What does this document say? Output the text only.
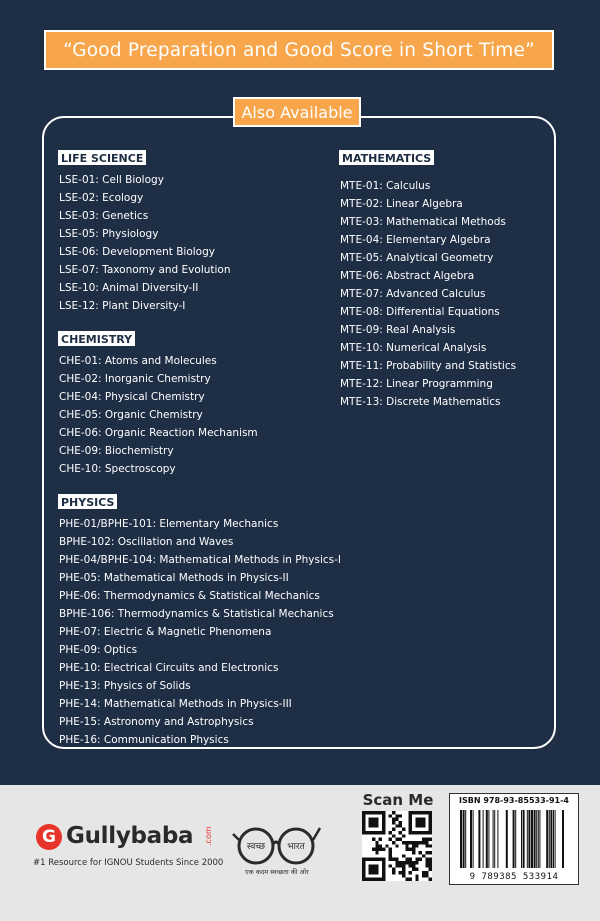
“Good Preparation and Good Score in Short Time”
Also Available
LIFE SCIENCE
LSE-01: Cell Biology
LSE-02: Ecology
LSE-03: Genetics
LSE-05: Physiology
LSE-06: Development Biology
LSE-07: Taxonomy and Evolution
LSE-10: Animal Diversity-II
LSE-12: Plant Diversity-I
CHEMISTRY
CHE-01: Atoms and Molecules
CHE-02: Inorganic Chemistry
CHE-04: Physical Chemistry
CHE-05: Organic Chemistry
CHE-06: Organic Reaction Mechanism
CHE-09: Biochemistry
CHE-10: Spectroscopy
PHYSICS
PHE-01/BPHE-101: Elementary Mechanics
BPHE-102: Oscillation and Waves
PHE-04/BPHE-104: Mathematical Methods in Physics-I
PHE-05: Mathematical Methods in Physics-II
PHE-06: Thermodynamics & Statistical Mechanics
BPHE-106: Thermodynamics & Statistical Mechanics
PHE-07: Electric & Magnetic Phenomena
PHE-09: Optics
PHE-10: Electrical Circuits and Electronics
PHE-13: Physics of Solids
PHE-14: Mathematical Methods in Physics-III
PHE-15: Astronomy and Astrophysics
PHE-16: Communication Physics
MATHEMATICS
MTE-01: Calculus
MTE-02: Linear Algebra
MTE-03: Mathematical Methods
MTE-04: Elementary Algebra
MTE-05: Analytical Geometry
MTE-06: Abstract Algebra
MTE-07: Advanced Calculus
MTE-08: Differential Equations
MTE-09: Real Analysis
MTE-10: Numerical Analysis
MTE-11: Probability and Statistics
MTE-12: Linear Programming
MTE-13: Discrete Mathematics
G Gullybaba .com
#1 Resource for IGNOU Students Since 2000
स्वच्छ भारत
एक कदम स्वच्छता की ओर
Scan Me	ISBN 978-93-85533-91-4
9 789385 533914
